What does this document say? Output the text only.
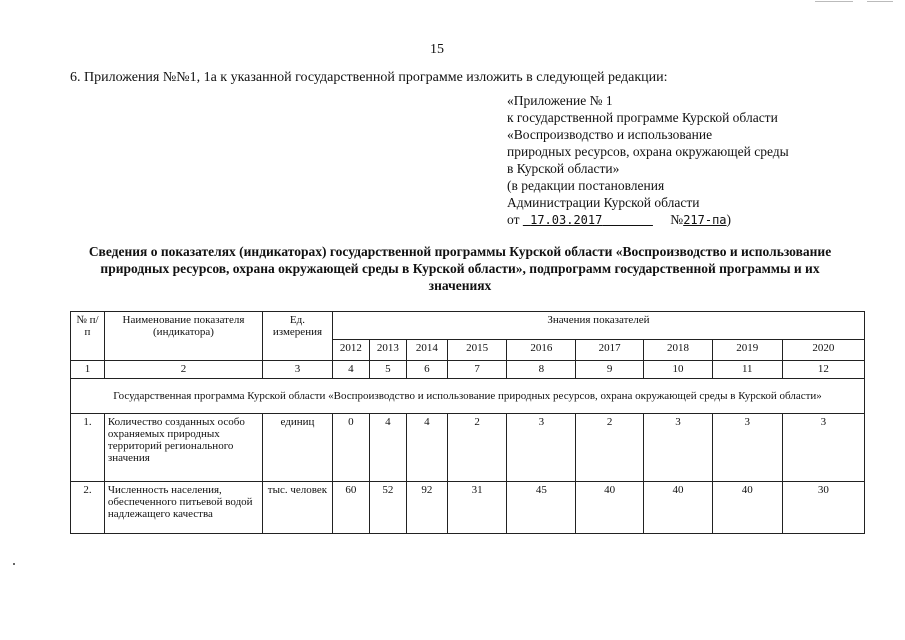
15
6. Приложения №№1, 1а к указанной государственной программе изложить в следующей редакции:
«Приложение № 1
к государственной программе Курской области
«Воспроизводство и использование
природных ресурсов, охрана окружающей среды
в Курской области»
(в редакции постановления
Администрации Курской области
от 17.03.2017	№217-па)
Сведения о показателях (индикаторах) государственной программы Курской области «Воспроизводство и использование природных ресурсов, охрана окружающей среды в Курской области», подпрограмм государственной программы и их значениях
№ п/п	Наименование показателя (индикатора)	Ед. измерения	Значения показателей								
			2012	2013	2014	2015	2016	2017	2018	2019	2020
1	2	3	4	5	6	7	8	9	10	11	12
Государственная программа Курской области «Воспроизводство и использование природных ресурсов, охрана окружающей среды в Курской области»											
1.	Количество созданных особо охраняемых природных территорий регионального значения	единиц	0	4	4	2	3	2	3	3	3
2.	Численность населения, обеспеченного питьевой водой надлежащего качества	тыс. человек	60	52	92	31	45	40	40	40	30
